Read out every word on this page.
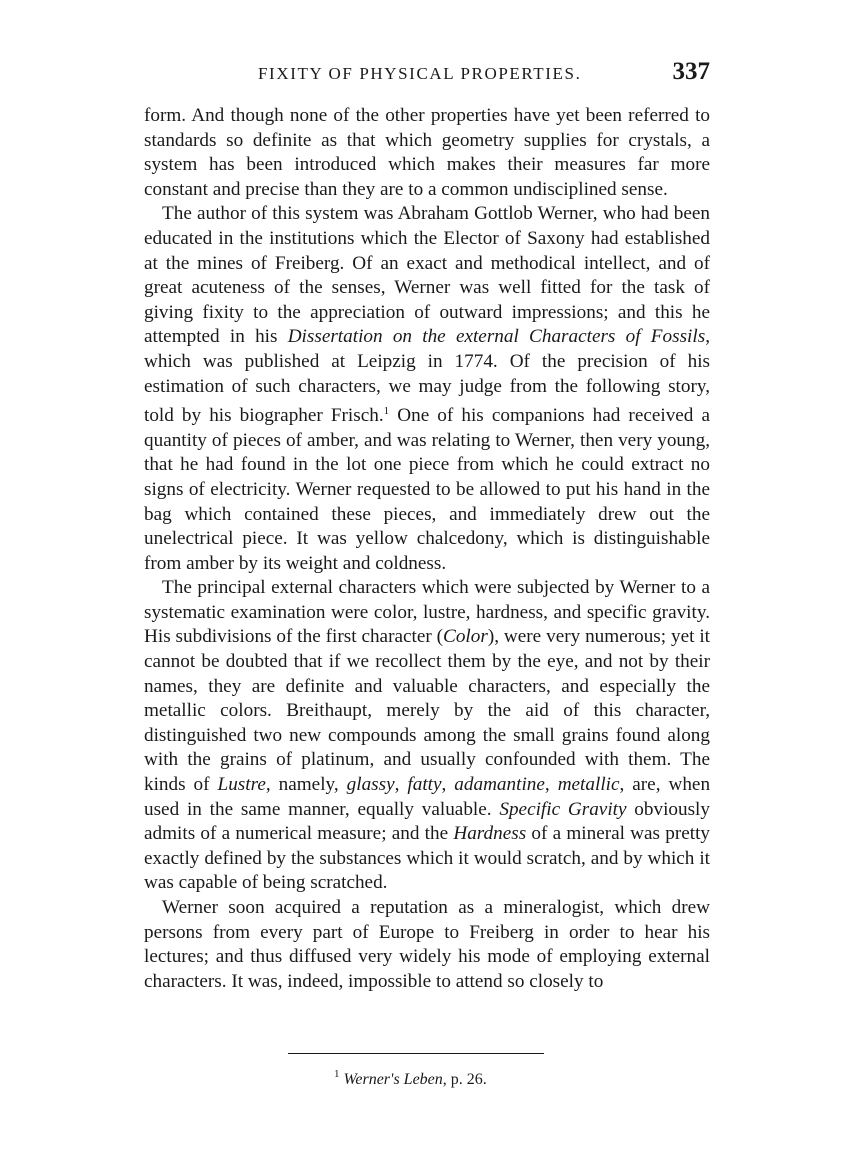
FIXITY OF PHYSICAL PROPERTIES.	337

form. And though none of the other properties have yet been referred to standards so definite as that which geometry supplies for crystals, a system has been introduced which makes their measures far more constant and precise than they are to a common undisciplined sense.

The author of this system was Abraham Gottlob Werner, who had been educated in the institutions which the Elector of Saxony had established at the mines of Freiberg. Of an exact and methodical intellect, and of great acuteness of the senses, Werner was well fitted for the task of giving fixity to the appreciation of outward impressions; and this he attempted in his Dissertation on the external Characters of Fossils, which was published at Leipzig in 1774. Of the precision of his estimation of such characters, we may judge from the following story, told by his biographer Frisch.$^1$ One of his companions had received a quantity of pieces of amber, and was relating to Werner, then very young, that he had found in the lot one piece from which he could extract no signs of electricity. Werner requested to be allowed to put his hand in the bag which contained these pieces, and immediately drew out the unelectrical piece. It was yellow chalcedony, which is distinguishable from amber by its weight and coldness.

The principal external characters which were subjected by Werner to a systematic examination were color, lustre, hardness, and specific gravity. His subdivisions of the first character (Color), were very numerous; yet it cannot be doubted that if we recollect them by the eye, and not by their names, they are definite and valuable characters, and especially the metallic colors. Breithaupt, merely by the aid of this character, distinguished two new compounds among the small grains found along with the grains of platinum, and usually confounded with them. The kinds of Lustre, namely, glassy, fatty, adamantine, metallic, are, when used in the same manner, equally valuable. Specific Gravity obviously admits of a numerical measure; and the Hardness of a mineral was pretty exactly defined by the substances which it would scratch, and by which it was capable of being scratched.

Werner soon acquired a reputation as a mineralogist, which drew persons from every part of Europe to Freiberg in order to hear his lectures; and thus diffused very widely his mode of employing external characters. It was, indeed, impossible to attend so closely to

$^1$ Werner's Leben, p. 26.
